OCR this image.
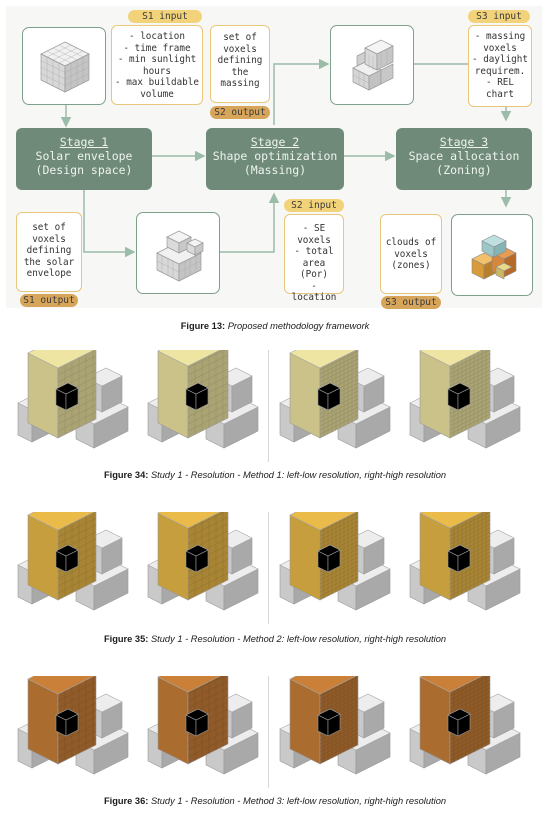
Stage 1
Solar envelope
(Design space)
Stage 2
Shape optimization
(Massing)
Stage 3
Space allocation
(Zoning)
S1 input
- location
- time frame
- min sunlight
hours
- max buildable
volume
set of
voxels
defining
the solar
envelope
S1 output
set of
voxels
defining
the
massing
S2 output
S2 input
- SE
voxels
- total
area (Por)
- location
S3 input
- massing
voxels
- daylight
requirem.
- REL
chart
clouds of
voxels
(zones)
S3 output
Figure 13: Proposed methodology framework
Figure 34: Study 1 - Resolution - Method 1: left-low resolution, right-high resolution
Figure 35: Study 1 - Resolution - Method 2: left-low resolution, right-high resolution
Figure 36: Study 1 - Resolution - Method 3: left-low resolution, right-high resolution
